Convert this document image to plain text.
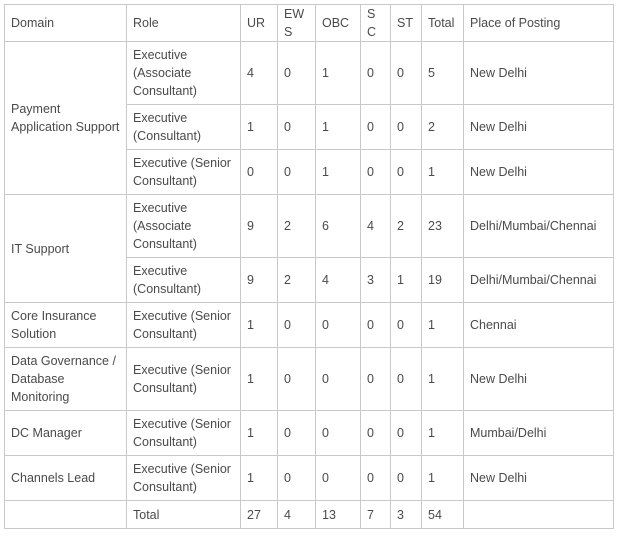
Domain	Role	UR	EWS	OBC	SC	ST	Total	Place of Posting
Payment Application Support	Executive (Associate Consultant)	4	0	1	0	0	5	New Delhi
	Executive (Consultant)	1	0	1	0	0	2	New Delhi
	Executive (Senior Consultant)	0	0	1	0	0	1	New Delhi
IT Support	Executive (Associate Consultant)	9	2	6	4	2	23	Delhi/Mumbai/Chennai
	Executive (Consultant)	9	2	4	3	1	19	Delhi/Mumbai/Chennai
Core Insurance Solution	Executive (Senior Consultant)	1	0	0	0	0	1	Chennai
Data Governance / Database Monitoring	Executive (Senior Consultant)	1	0	0	0	0	1	New Delhi
DC Manager	Executive (Senior Consultant)	1	0	0	0	0	1	Mumbai/Delhi
Channels Lead	Executive (Senior Consultant)	1	0	0	0	0	1	New Delhi
	Total	27	4	13	7	3	54	
